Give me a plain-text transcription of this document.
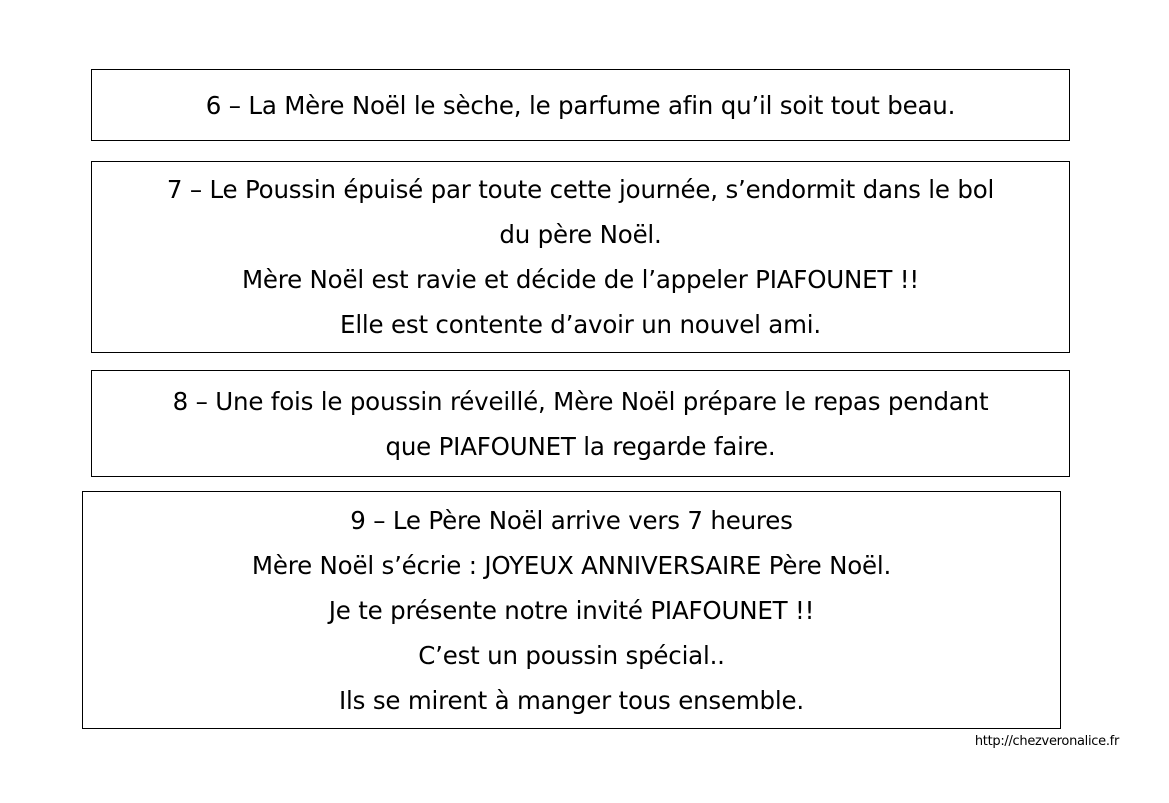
6 – La Mère Noël le sèche, le parfume afin qu’il soit tout beau.
7 – Le Poussin épuisé par toute cette journée, s’endormit dans le bol
du père Noël.
Mère Noël est ravie et décide de l’appeler PIAFOUNET !!
Elle est contente d’avoir un nouvel ami.
8 – Une fois le poussin réveillé, Mère Noël prépare le repas pendant
que PIAFOUNET la regarde faire.
9 – Le Père Noël arrive vers 7 heures
Mère Noël s’écrie : JOYEUX ANNIVERSAIRE Père Noël.
Je te présente notre invité PIAFOUNET !!
C’est un poussin spécial..
Ils se mirent à manger tous ensemble.
http://chezveronalice.fr
